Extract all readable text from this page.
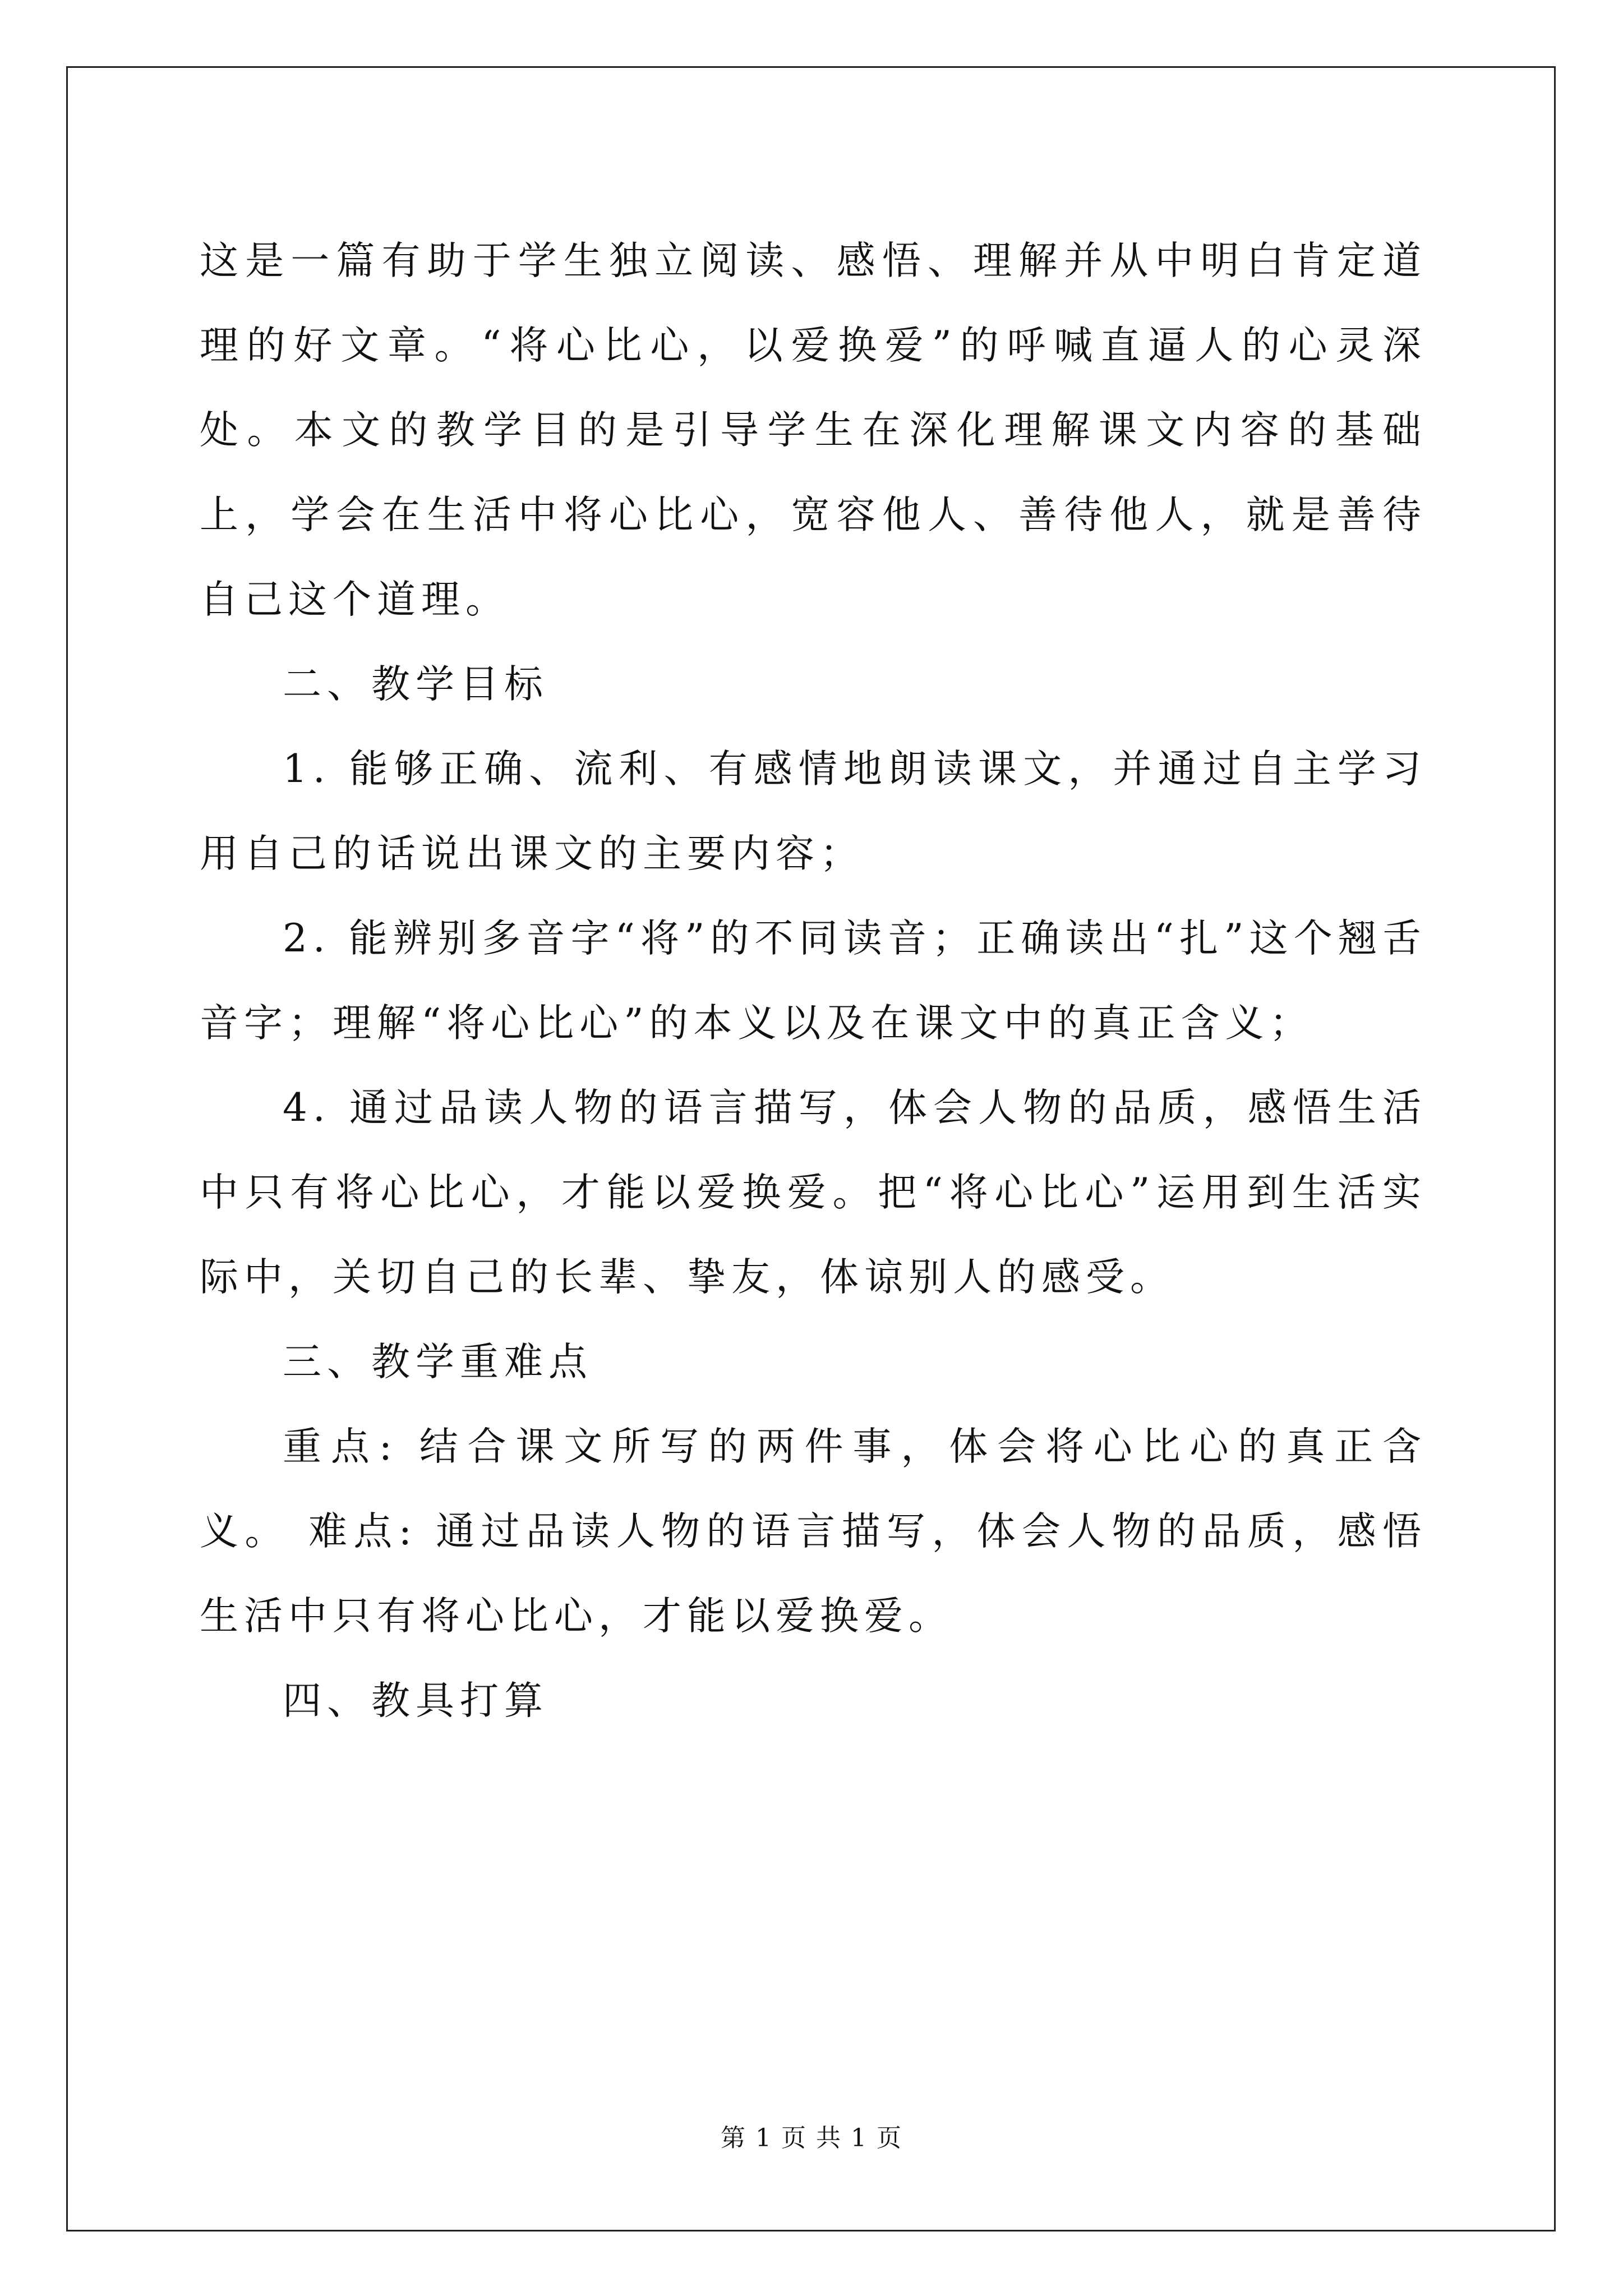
这是一篇有助于学生独立阅读、感悟、理解并从中明白肯定道理的好文章。“将心比心，以爱换爱”的呼喊直逼人的心灵深处。本文的教学目的是引导学生在深化理解课文内容的基础上，学会在生活中将心比心，宽容他人、善待他人，就是善待自己这个道理。

二、教学目标

1. 能够正确、流利、有感情地朗读课文，并通过自主学习用自己的话说出课文的主要内容；

2. 能辨别多音字“将”的不同读音；正确读出“扎”这个翘舌音字；理解“将心比心”的本义以及在课文中的真正含义；

4. 通过品读人物的语言描写，体会人物的品质，感悟生活中只有将心比心，才能以爱换爱。把“将心比心”运用到生活实际中，关切自己的长辈、挚友，体谅别人的感受。

三、教学重难点

重点: 结合课文所写的两件事，体会将心比心的真正含义。 难点: 通过品读人物的语言描写，体会人物的品质，感悟生活中只有将心比心，才能以爱换爱。

四、教具打算

第 1 页 共 1 页
